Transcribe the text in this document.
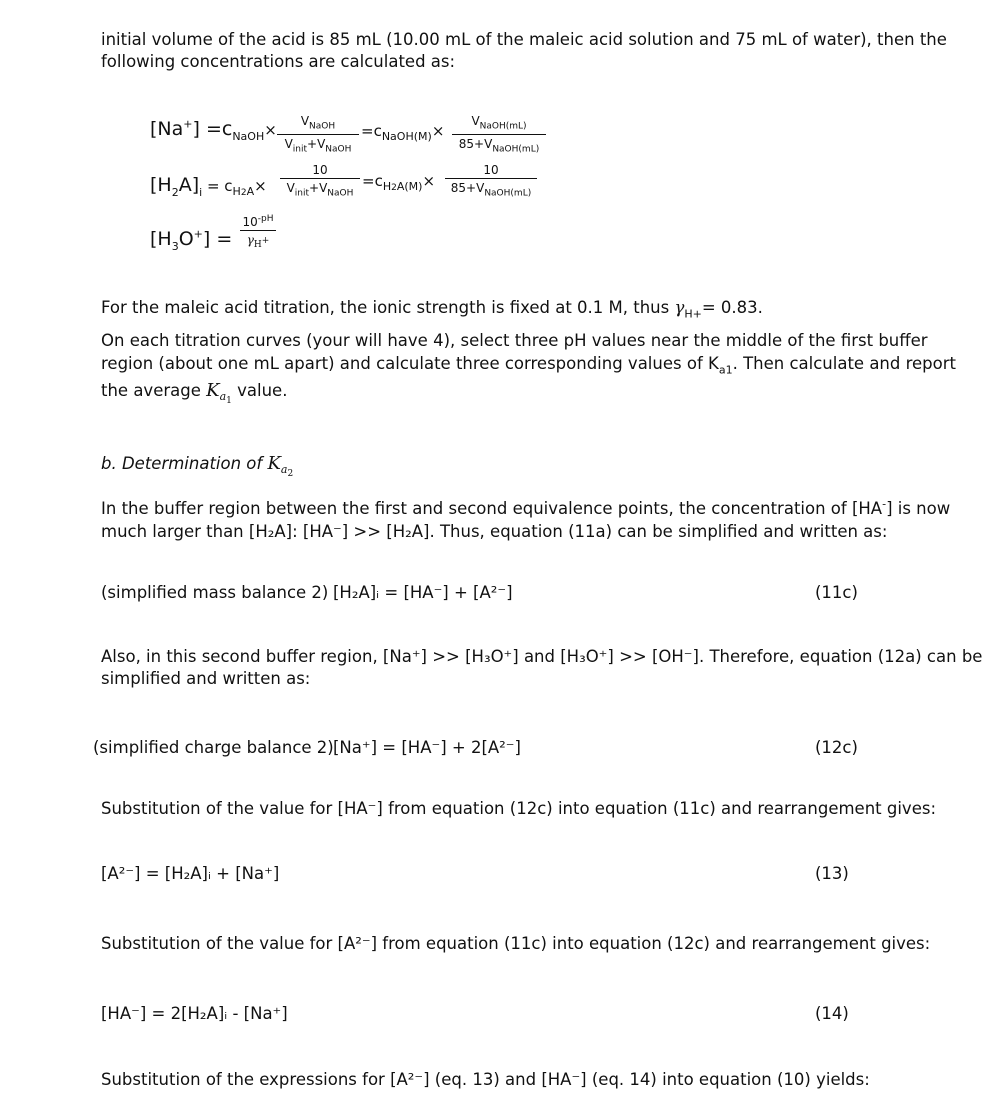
initial volume of the acid is 85 mL (10.00 mL of the maleic acid solution and 75 mL of water), then the
following concentrations are calculated as:
$[Na^+] =c_{NaOH}\times$	$V_{NaOH}$
$V_{init}+V_{NaOH}$
$=c_{NaOH(M)}\times$
$V_{NaOH(mL)}$
$85+V_{NaOH(mL)}$
$[H_2A]_i = c_{H2A}\times$
10
$V_{init}+V_{NaOH}$
$=c_{H2A(M)}\times$
10
$85+V_{NaOH(mL)}$
$[H_3O^+] = \frac{10^{-pH}}{\gamma_{H^+}}$
For the maleic acid titration, the ionic strength is fixed at 0.1 M, thus $\gamma_{H+}= 0.83$.
On each titration curves (your will have 4), select three pH values near the middle of the first buffer
region (about one mL apart) and calculate three corresponding values of $K_{a1}$. Then calculate and report
the average $K_{a_1}$ value.
b. Determination of $K_{a_2}$
In the buffer region between the first and second equivalence points, the concentration of [HA-] is now
much larger than [H₂A]: [HA⁻] >> [H₂A]. Thus, equation (11a) can be simplified and written as:
(simplified mass balance 2) [H₂A]ᵢ = [HA⁻] + [A²⁻]	(11c)
Also, in this second buffer region, [Na⁺] >> [H₃O⁺] and [H₃O⁺] >> [OH⁻]. Therefore, equation (12a) can be
simplified and written as:
(simplified charge balance 2) [Na⁺] = [HA⁻] + 2[A²⁻]	(12c)
Substitution of the value for [HA⁻] from equation (12c) into equation (11c) and rearrangement gives:
[A²⁻] = [H₂A]ᵢ + [Na⁺]	(13)
Substitution of the value for [A²⁻] from equation (11c) into equation (12c) and rearrangement gives:
[HA⁻] = 2[H₂A]ᵢ - [Na⁺]	(14)
Substitution of the expressions for [A²⁻] (eq. 13) and [HA⁻] (eq. 14) into equation (10) yields:
